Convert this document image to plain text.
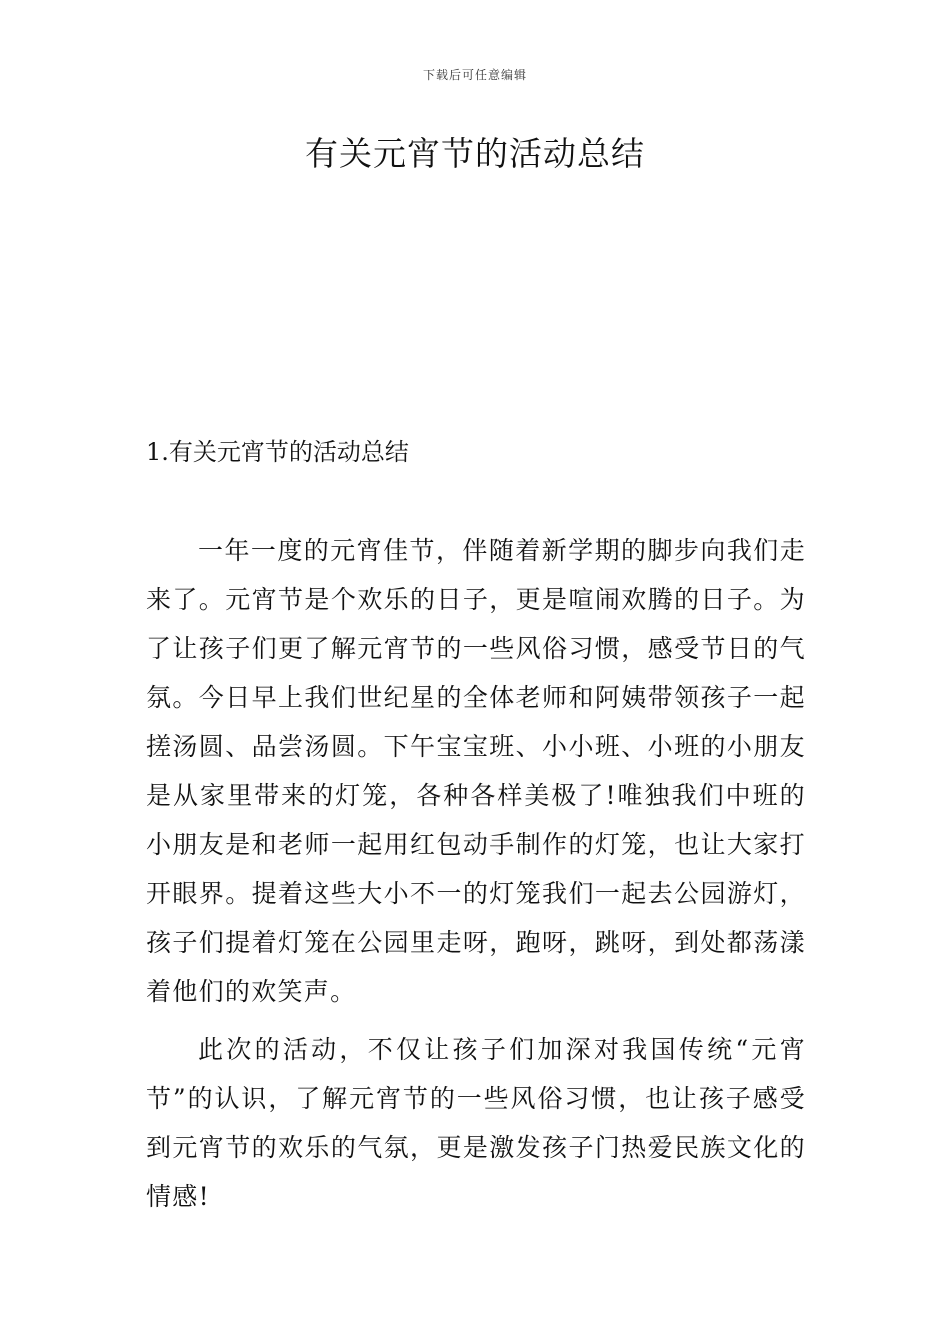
下载后可任意编辑
有关元宵节的活动总结
1.有关元宵节的活动总结

一年一度的元宵佳节，伴随着新学期的脚步向我们走来了。元宵节是个欢乐的日子，更是喧闹欢腾的日子。为了让孩子们更了解元宵节的一些风俗习惯，感受节日的气氛。今日早上我们世纪星的全体老师和阿姨带领孩子一起搓汤圆、品尝汤圆。下午宝宝班、小小班、小班的小朋友是从家里带来的灯笼，各种各样美极了!唯独我们中班的小朋友是和老师一起用红包动手制作的灯笼，也让大家打开眼界。提着这些大小不一的灯笼我们一起去公园游灯，孩子们提着灯笼在公园里走呀，跑呀，跳呀，到处都荡漾着他们的欢笑声。

此次的活动，不仅让孩子们加深对我国传统“元宵节”的认识，了解元宵节的一些风俗习惯，也让孩子感受到元宵节的欢乐的气氛，更是激发孩子门热爱民族文化的情感!
